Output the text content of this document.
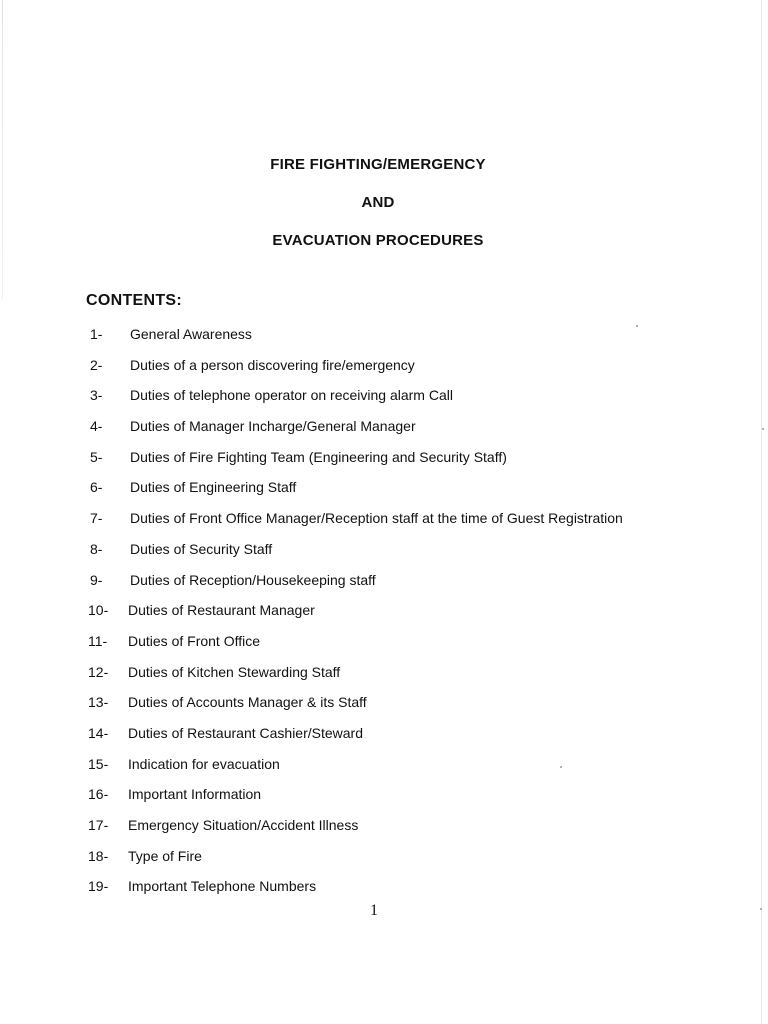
FIRE FIGHTING/EMERGENCY
AND
EVACUATION PROCEDURES
CONTENTS:
1-	General Awareness
2-	Duties of a person discovering fire/emergency
3-	Duties of telephone operator on receiving alarm Call
4-	Duties of Manager Incharge/General Manager
5-	Duties of Fire Fighting Team (Engineering and Security Staff)
6-	Duties of Engineering Staff
7-	Duties of Front Office Manager/Reception staff at the time of Guest Registration
8-	Duties of Security Staff
9-	Duties of Reception/Housekeeping staff
10-	Duties of Restaurant Manager
11-	Duties of Front Office
12-	Duties of Kitchen Stewarding Staff
13-	Duties of Accounts Manager & its Staff
14-	Duties of Restaurant Cashier/Steward
15-	Indication for evacuation
16-	Important Information
17-	Emergency Situation/Accident Illness
18-	Type of Fire
19-	Important Telephone Numbers
1
